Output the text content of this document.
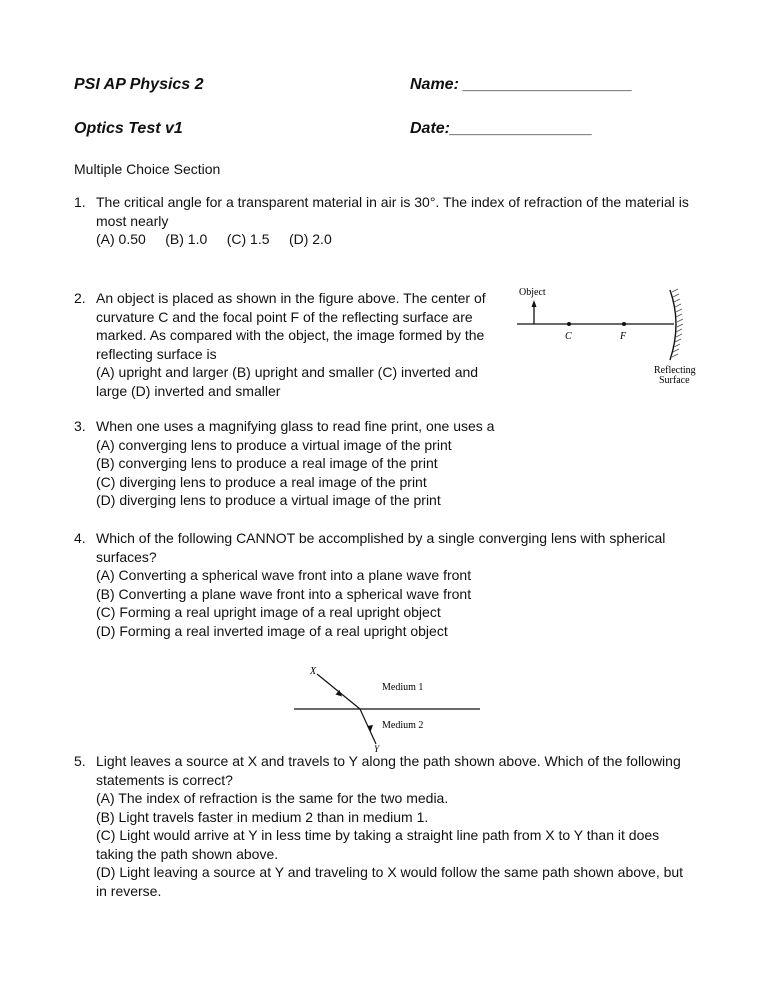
PSI AP Physics 2	Name: ___________________
Optics Test v1	Date:________________
Multiple Choice Section
1. The critical angle for a transparent material in air is 30°. The index of refraction of the material is most nearly
(A) 0.50     (B) 1.0     (C) 1.5     (D) 2.0
2. An object is placed as shown in the figure above. The center of curvature C and the focal point F of the reflecting surface are marked. As compared with the object, the image formed by the reflecting surface is
(A) upright and larger (B) upright and smaller (C) inverted and large (D) inverted and smaller
Object
C	F
Reflecting
Surface
3. When one uses a magnifying glass to read fine print, one uses a
(A) converging lens to produce a virtual image of the print
(B) converging lens to produce a real image of the print
(C) diverging lens to produce a real image of the print
(D) diverging lens to produce a virtual image of the print
4. Which of the following CANNOT be accomplished by a single converging lens with spherical surfaces?
(A) Converting a spherical wave front into a plane wave front
(B) Converting a plane wave front into a spherical wave front
(C) Forming a real upright image of a real upright object
(D) Forming a real inverted image of a real upright object
X
Medium 1
Medium 2
Y
5. Light leaves a source at X and travels to Y along the path shown above. Which of the following statements is correct?
(A) The index of refraction is the same for the two media.
(B) Light travels faster in medium 2 than in medium 1.
(C) Light would arrive at Y in less time by taking a straight line path from X to Y than it does taking the path shown above.
(D) Light leaving a source at Y and traveling to X would follow the same path shown above, but in reverse.
